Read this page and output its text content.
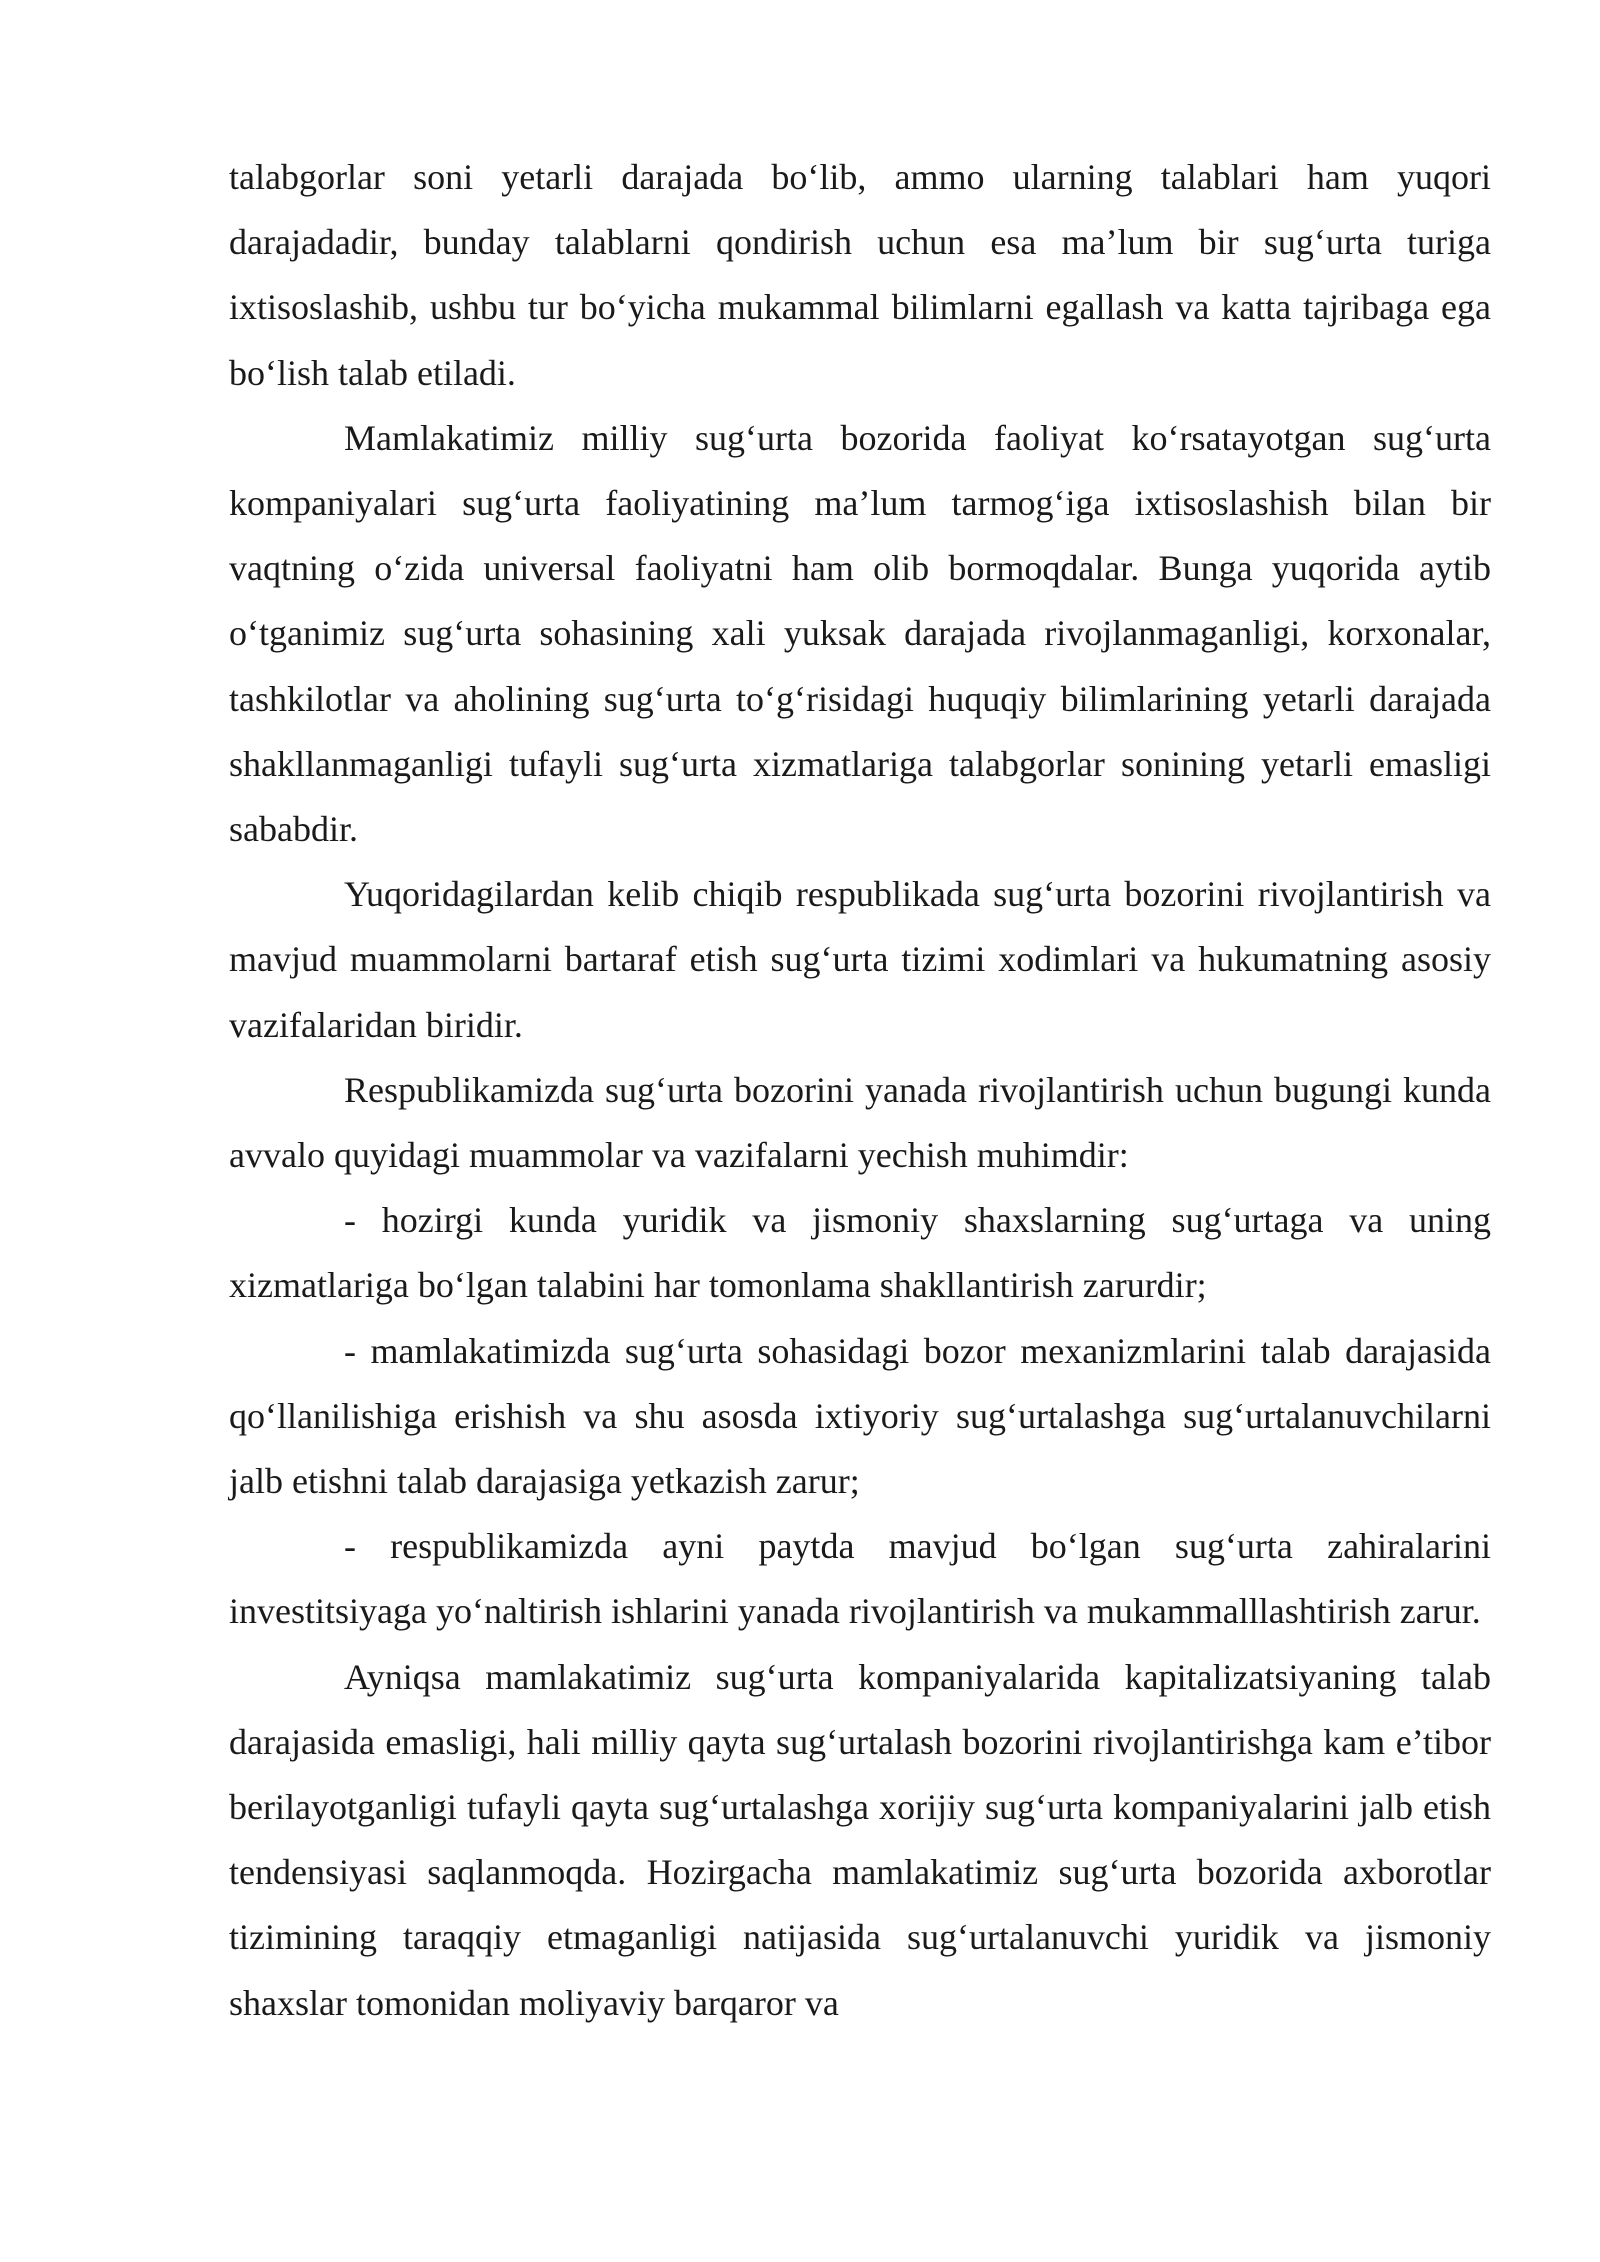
talabgorlar soni yetarli darajada bo‘lib, ammo ularning talablari ham yuqori darajadadir, bunday talablarni qondirish uchun esa ma’lum bir sug‘urta turiga ixtisoslashib, ushbu tur bo‘yicha mukammal bilimlarni egallash va katta tajribaga ega bo‘lish talab etiladi.

Mamlakatimiz milliy sug‘urta bozorida faoliyat ko‘rsatayotgan sug‘urta kompaniyalari sug‘urta faoliyatining ma’lum tarmog‘iga ixtisoslashish bilan bir vaqtning o‘zida universal faoliyatni ham olib bormoqdalar. Bunga yuqorida aytib o‘tganimiz sug‘urta sohasining xali yuksak darajada rivojlanmaganligi, korxonalar, tashkilotlar va aholining sug‘urta to‘g‘risidagi huquqiy bilimlarining yetarli darajada shakllanmaganligi tufayli sug‘urta xizmatlariga talabgorlar sonining yetarli emasligi sababdir.

Yuqoridagilardan kelib chiqib respublikada sug‘urta bozorini rivojlantirish va mavjud muammolarni bartaraf etish sug‘urta tizimi xodimlari va hukumatning asosiy vazifalaridan biridir.

Respublikamizda sug‘urta bozorini yanada rivojlantirish uchun bugungi kunda avvalo quyidagi muammolar va vazifalarni yechish muhimdir:

- hozirgi kunda yuridik va jismoniy shaxslarning sug‘urtaga va uning xizmatlariga bo‘lgan talabini har tomonlama shakllantirish zarurdir;

- mamlakatimizda sug‘urta sohasidagi bozor mexanizmlarini talab darajasida qo‘llanilishiga erishish va shu asosda ixtiyoriy sug‘urtalashga sug‘urtalanuvchilarni jalb etishni talab darajasiga yetkazish zarur;

- respublikamizda ayni paytda mavjud bo‘lgan sug‘urta zahiralarini investitsiyaga yo‘naltirish ishlarini yanada rivojlantirish va mukammalllashtirish zarur.

Ayniqsa mamlakatimiz sug‘urta kompaniyalarida kapitalizatsiyaning talab darajasida emasligi, hali milliy qayta sug‘urtalash bozorini rivojlantirishga kam e’tibor berilayotganligi tufayli qayta sug‘urtalashga xorijiy sug‘urta kompaniyalarini jalb etish tendensiyasi saqlanmoqda. Hozirgacha mamlakatimiz sug‘urta bozorida axborotlar tizimining taraqqiy etmaganligi natijasida sug‘urtalanuvchi yuridik va jismoniy shaxslar tomonidan moliyaviy barqaror va
